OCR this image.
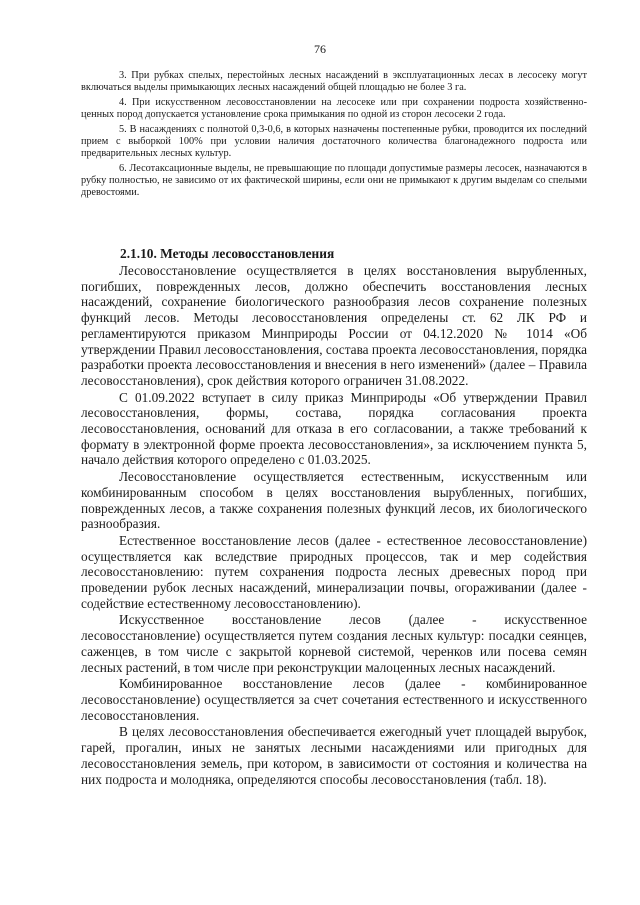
76

3. При рубках спелых, перестойных лесных насаждений в эксплуатационных лесах в лесосеку могут включаться выделы примыкающих лесных насаждений общей площадью не более 3 га.

4. При искусственном лесовосстановлении на лесосеке или при сохранении подроста хозяйственно-ценных пород допускается установление срока примыкания по одной из сторон лесосеки 2 года.

5. В насаждениях с полнотой 0,3-0,6, в которых назначены постепенные рубки, проводится их последний прием с выборкой 100% при условии наличия достаточного количества благонадежного подроста или предварительных лесных культур.

6. Лесотаксационные выделы, не превышающие по площади допустимые размеры лесосек, назначаются в рубку полностью, не зависимо от их фактической ширины, если они не примыкают к другим выделам со спелыми древостоями.

2.1.10. Методы лесовосстановления

Лесовосстановление осуществляется в целях восстановления вырубленных, погибших, поврежденных лесов, должно обеспечить восстановления лесных насаждений, сохранение биологического разнообразия лесов сохранение полезных функций лесов. Методы лесовосстановления определены ст. 62 ЛК РФ и регламентируются приказом Минприроды России от 04.12.2020 № 1014 «Об утверждении Правил лесовосстановления, состава проекта лесовосстановления, порядка разработки проекта лесовосстановления и внесения в него изменений» (далее – Правила лесовосстановления), срок действия которого ограничен 31.08.2022.

С 01.09.2022 вступает в силу приказ Минприроды «Об утверждении Правил лесовосстановления, формы, состава, порядка согласования проекта лесовосстановления, оснований для отказа в его согласовании, а также требований к формату в электронной форме проекта лесовосстановления», за исключением пункта 5, начало действия которого определено с 01.03.2025.

Лесовосстановление осуществляется естественным, искусственным или комбинированным способом в целях восстановления вырубленных, погибших, поврежденных лесов, а также сохранения полезных функций лесов, их биологического разнообразия.

Естественное восстановление лесов (далее - естественное лесовосстановление) осуществляется как вследствие природных процессов, так и мер содействия лесовосстановлению: путем сохранения подроста лесных древесных пород при проведении рубок лесных насаждений, минерализации почвы, огораживании (далее - содействие естественному лесовосстановлению).

Искусственное восстановление лесов (далее - искусственное лесовосстановление) осуществляется путем создания лесных культур: посадки сеянцев, саженцев, в том числе с закрытой корневой системой, черенков или посева семян лесных растений, в том числе при реконструкции малоценных лесных насаждений.

Комбинированное восстановление лесов (далее - комбинированное лесовосстановление) осуществляется за счет сочетания естественного и искусственного лесовосстановления.

В целях лесовосстановления обеспечивается ежегодный учет площадей вырубок, гарей, прогалин, иных не занятых лесными насаждениями или пригодных для лесовосстановления земель, при котором, в зависимости от состояния и количества на них подроста и молодняка, определяются способы лесовосстановления (табл. 18).
